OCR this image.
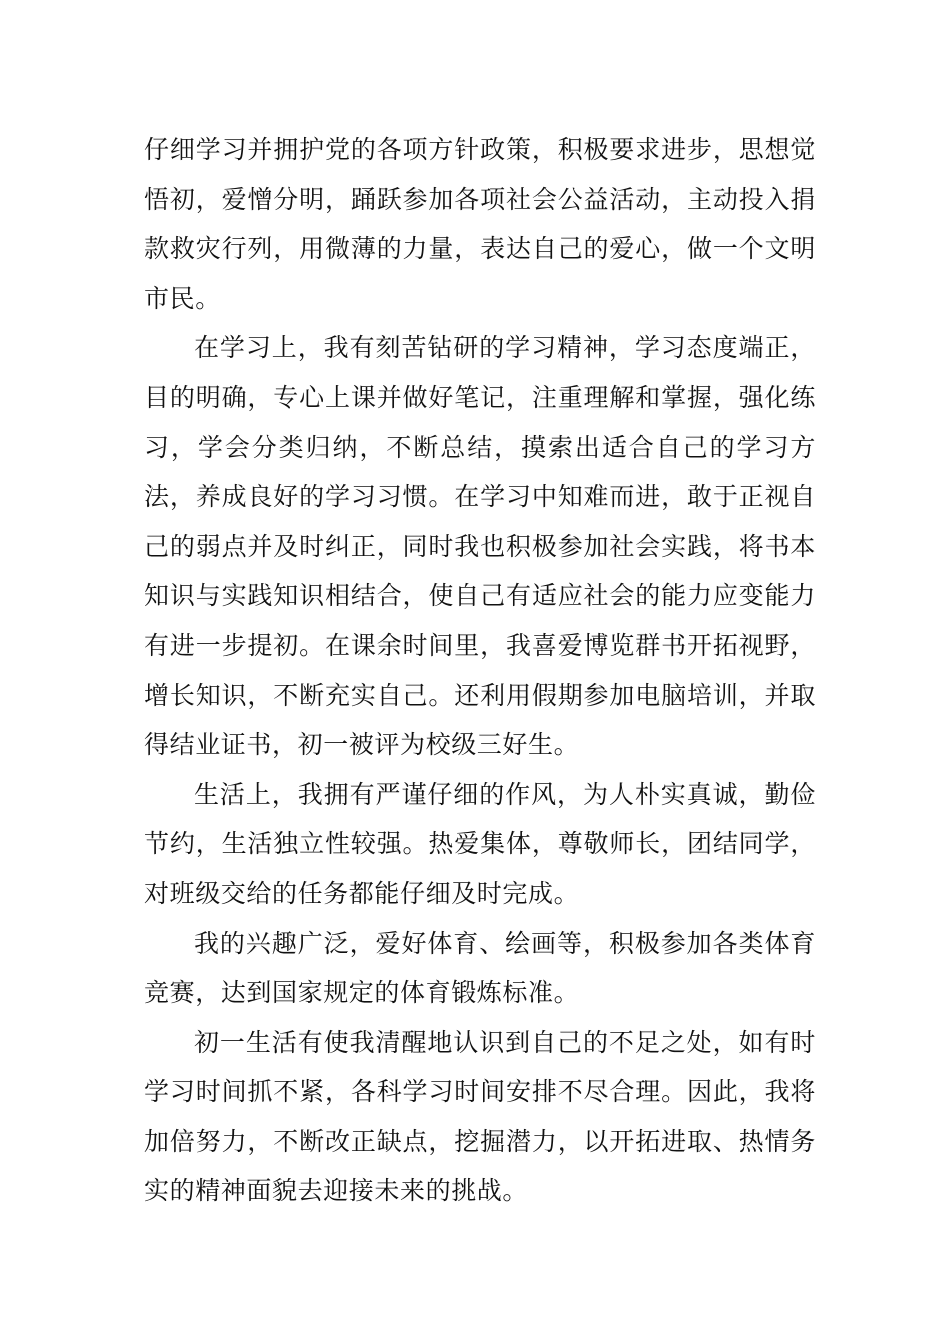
仔细学习并拥护党的各项方针政策，积极要求进步，思想觉悟初，爱憎分明，踊跃参加各项社会公益活动，主动投入捐款救灾行列，用微薄的力量，表达自己的爱心，做一个文明市民。

在学习上，我有刻苦钻研的学习精神，学习态度端正，目的明确，专心上课并做好笔记，注重理解和掌握，强化练习，学会分类归纳，不断总结，摸索出适合自己的学习方法，养成良好的学习习惯。在学习中知难而进，敢于正视自己的弱点并及时纠正，同时我也积极参加社会实践，将书本知识与实践知识相结合，使自己有适应社会的能力应变能力有进一步提初。在课余时间里，我喜爱博览群书开拓视野，增长知识，不断充实自己。还利用假期参加电脑培训，并取得结业证书，初一被评为校级三好生。

生活上，我拥有严谨仔细的作风，为人朴实真诚，勤俭节约，生活独立性较强。热爱集体，尊敬师长，团结同学，对班级交给的任务都能仔细及时完成。

我的兴趣广泛，爱好体育、绘画等，积极参加各类体育竞赛，达到国家规定的体育锻炼标准。

初一生活有使我清醒地认识到自己的不足之处，如有时学习时间抓不紧，各科学习时间安排不尽合理。因此，我将加倍努力，不断改正缺点，挖掘潜力，以开拓进取、热情务实的精神面貌去迎接未来的挑战。
